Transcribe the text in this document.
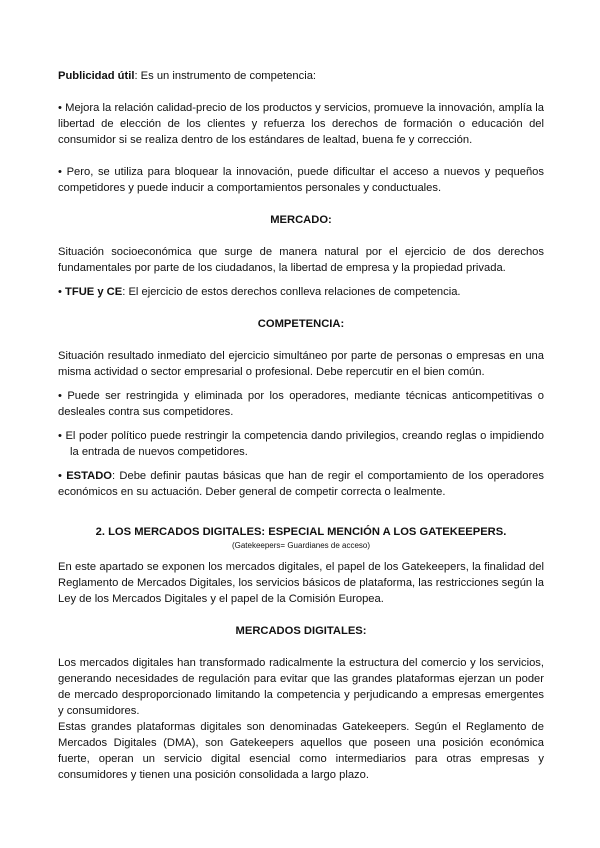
Publicidad útil: Es un instrumento de competencia:

• Mejora la relación calidad-precio de los productos y servicios, promueve la innovación, amplía la libertad de elección de los clientes y refuerza los derechos de formación o educación del consumidor si se realiza dentro de los estándares de lealtad, buena fe y corrección.

• Pero, se utiliza para bloquear la innovación, puede dificultar el acceso a nuevos y pequeños competidores y puede inducir a comportamientos personales y conductuales.

MERCADO:

Situación socioeconómica que surge de manera natural por el ejercicio de dos derechos fundamentales por parte de los ciudadanos, la libertad de empresa y la propiedad privada.

• TFUE y CE: El ejercicio de estos derechos conlleva relaciones de competencia.

COMPETENCIA:

Situación resultado inmediato del ejercicio simultáneo por parte de personas o empresas en una misma actividad o sector empresarial o profesional. Debe repercutir en el bien común.

• Puede ser restringida y eliminada por los operadores, mediante técnicas anticompetitivas o desleales contra sus competidores.

• El poder político puede restringir la competencia dando privilegios, creando reglas o impidiendo la entrada de nuevos competidores.

• ESTADO: Debe definir pautas básicas que han de regir el comportamiento de los operadores económicos en su actuación. Deber general de competir correcta o lealmente.

2. LOS MERCADOS DIGITALES: ESPECIAL MENCIÓN A LOS GATEKEEPERS.

(Gatekeepers= Guardianes de acceso)

En este apartado se exponen los mercados digitales, el papel de los Gatekeepers, la finalidad del Reglamento de Mercados Digitales, los servicios básicos de plataforma, las restricciones según la Ley de los Mercados Digitales y el papel de la Comisión Europea.

MERCADOS DIGITALES:

Los mercados digitales han transformado radicalmente la estructura del comercio y los servicios, generando necesidades de regulación para evitar que las grandes plataformas ejerzan un poder de mercado desproporcionado limitando la competencia y perjudicando a empresas emergentes y consumidores.

Estas grandes plataformas digitales son denominadas Gatekeepers. Según el Reglamento de Mercados Digitales (DMA), son Gatekeepers aquellos que poseen una posición económica fuerte, operan un servicio digital esencial como intermediarios para otras empresas y consumidores y tienen una posición consolidada a largo plazo.
